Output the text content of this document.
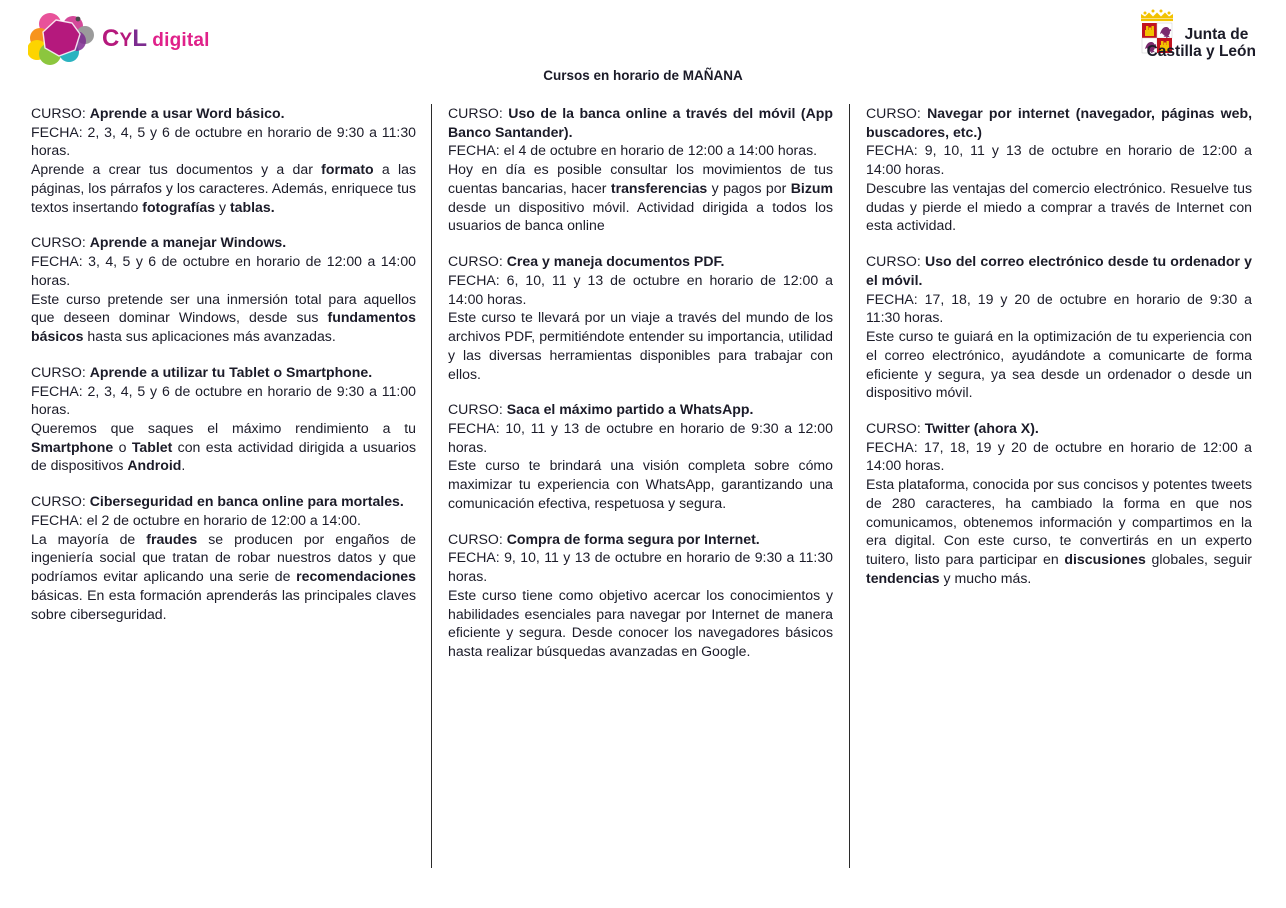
CYL digital	Junta de
Castilla y León
Cursos en horario de MAÑANA

CURSO: Aprende a usar Word básico.

FECHA: 2, 3, 4, 5 y 6 de octubre en horario de 9:30 a 11:30 horas.

Aprende a crear tus documentos y a dar formato a las páginas, los párrafos y los caracteres. Además, enriquece tus textos insertando fotografías y tablas.

CURSO: Aprende a manejar Windows.

FECHA: 3, 4, 5 y 6 de octubre en horario de 12:00 a 14:00 horas.

Este curso pretende ser una inmersión total para aquellos que deseen dominar Windows, desde sus fundamentos básicos hasta sus aplicaciones más avanzadas.

CURSO: Aprende a utilizar tu Tablet o Smartphone.

FECHA: 2, 3, 4, 5 y 6 de octubre en horario de 9:30 a 11:00 horas.

Queremos que saques el máximo rendimiento a tu Smartphone o Tablet con esta actividad dirigida a usuarios de dispositivos Android.

CURSO: Ciberseguridad en banca online para mortales.

FECHA: el 2 de octubre en horario de 12:00 a 14:00.

La mayoría de fraudes se producen por engaños de ingeniería social que tratan de robar nuestros datos y que podríamos evitar aplicando una serie de recomendaciones básicas. En esta formación aprenderás las principales claves sobre ciberseguridad.

CURSO: Uso de la banca online a través del móvil (App Banco Santander).

FECHA: el 4 de octubre en horario de 12:00 a 14:00 horas.

Hoy en día es posible consultar los movimientos de tus cuentas bancarias, hacer transferencias y pagos por Bizum desde un dispositivo móvil. Actividad dirigida a todos los usuarios de banca online

CURSO: Crea y maneja documentos PDF.

FECHA: 6, 10, 11 y 13 de octubre en horario de 12:00 a 14:00 horas.

Este curso te llevará por un viaje a través del mundo de los archivos PDF, permitiéndote entender su importancia, utilidad y las diversas herramientas disponibles para trabajar con ellos.

CURSO: Saca el máximo partido a WhatsApp.

FECHA: 10, 11 y 13 de octubre en horario de 9:30 a 12:00 horas.

Este curso te brindará una visión completa sobre cómo maximizar tu experiencia con WhatsApp, garantizando una comunicación efectiva, respetuosa y segura.

CURSO: Compra de forma segura por Internet.

FECHA: 9, 10, 11 y 13 de octubre en horario de 9:30 a 11:30 horas.

Este curso tiene como objetivo acercar los conocimientos y habilidades esenciales para navegar por Internet de manera eficiente y segura. Desde conocer los navegadores básicos hasta realizar búsquedas avanzadas en Google.

CURSO: Navegar por internet (navegador, páginas web, buscadores, etc.)

FECHA: 9, 10, 11 y 13 de octubre en horario de 12:00 a 14:00 horas.

Descubre las ventajas del comercio electrónico. Resuelve tus dudas y pierde el miedo a comprar a través de Internet con esta actividad.

CURSO: Uso del correo electrónico desde tu ordenador y el móvil.

FECHA: 17, 18, 19 y 20 de octubre en horario de 9:30 a 11:30 horas.

Este curso te guiará en la optimización de tu experiencia con el correo electrónico, ayudándote a comunicarte de forma eficiente y segura, ya sea desde un ordenador o desde un dispositivo móvil.

CURSO: Twitter (ahora X).

FECHA: 17, 18, 19 y 20 de octubre en horario de 12:00 a 14:00 horas.

Esta plataforma, conocida por sus concisos y potentes tweets de 280 caracteres, ha cambiado la forma en que nos comunicamos, obtenemos información y compartimos en la era digital. Con este curso, te convertirás en un experto tuitero, listo para participar en discusiones globales, seguir tendencias y mucho más.
